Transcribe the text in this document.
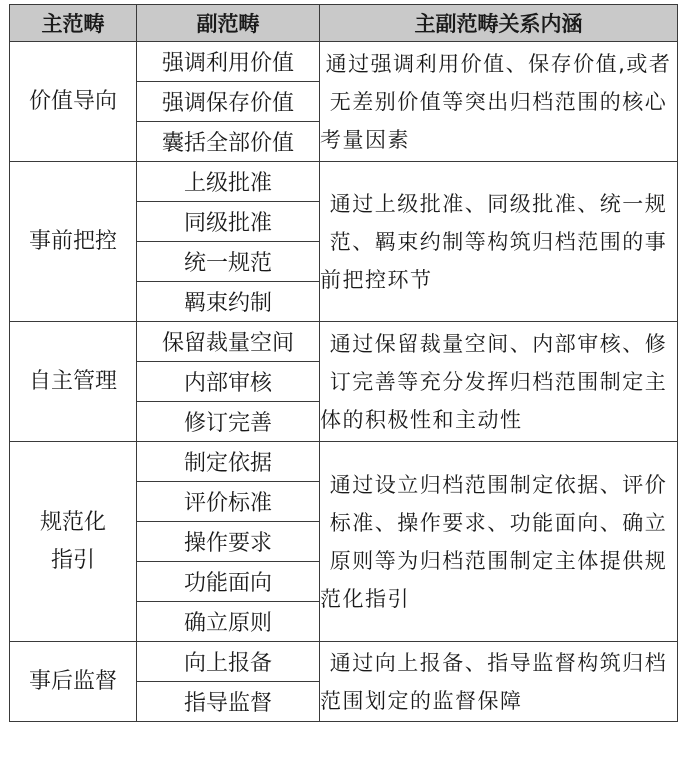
主范畴	副范畴	主副范畴关系内涵
价值导向	强调利用价值	通过强调利用价值、保存价值,或者无差别价值等突出归档范围的核心考量因素
	强调保存价值	
	囊括全部价值	
事前把控	上级批准	通过上级批准、同级批准、统一规范、羁束约制等构筑归档范围的事前把控环节
	同级批准	
	统一规范	
	羁束约制	
自主管理	保留裁量空间	通过保留裁量空间、内部审核、修订完善等充分发挥归档范围制定主体的积极性和主动性
	内部审核	
	修订完善	

规范化指引	制定依据	通过设立归档范围制定依据、评价标准、操作要求、功能面向、确立原则等为归档范围制定主体提供规范化指引
	评价标准	
	操作要求	
	功能面向	
	确立原则	
事后监督	向上报备	通过向上报备、指导监督构筑归档范围划定的监督保障
	指导监督	
